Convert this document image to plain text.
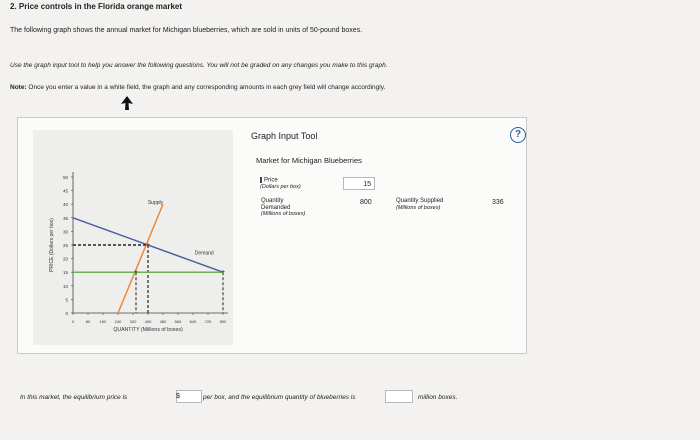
2. Price controls in the Florida orange market
The following graph shows the annual market for Michigan blueberries, which are sold in units of 50-pound boxes.
Use the graph input tool to help you answer the following questions. You will not be graded on any changes you make to this graph.
Note: Once you enter a value in a white field, the graph and any corresponding amounts in each grey field will change accordingly.
50
45
40
35
30
25
20
15
10
5
0
0	80 160 240 320 400 480 560 640 720 800
PRICE (Dollars per box)
QUANTITY (Millions of boxes)
Demand
Supply
+
+	+
Graph Input Tool	?
Market for Michigan Blueberries
Price
(Dollars per box)	15
Quantity
Demanded
(Millions of boxes)
800	Quantity Supplied
(Millions of boxes)
336
In this market, the equilibrium price is	$	per box, and the equilibrium quantity of blueberries is	million boxes.
